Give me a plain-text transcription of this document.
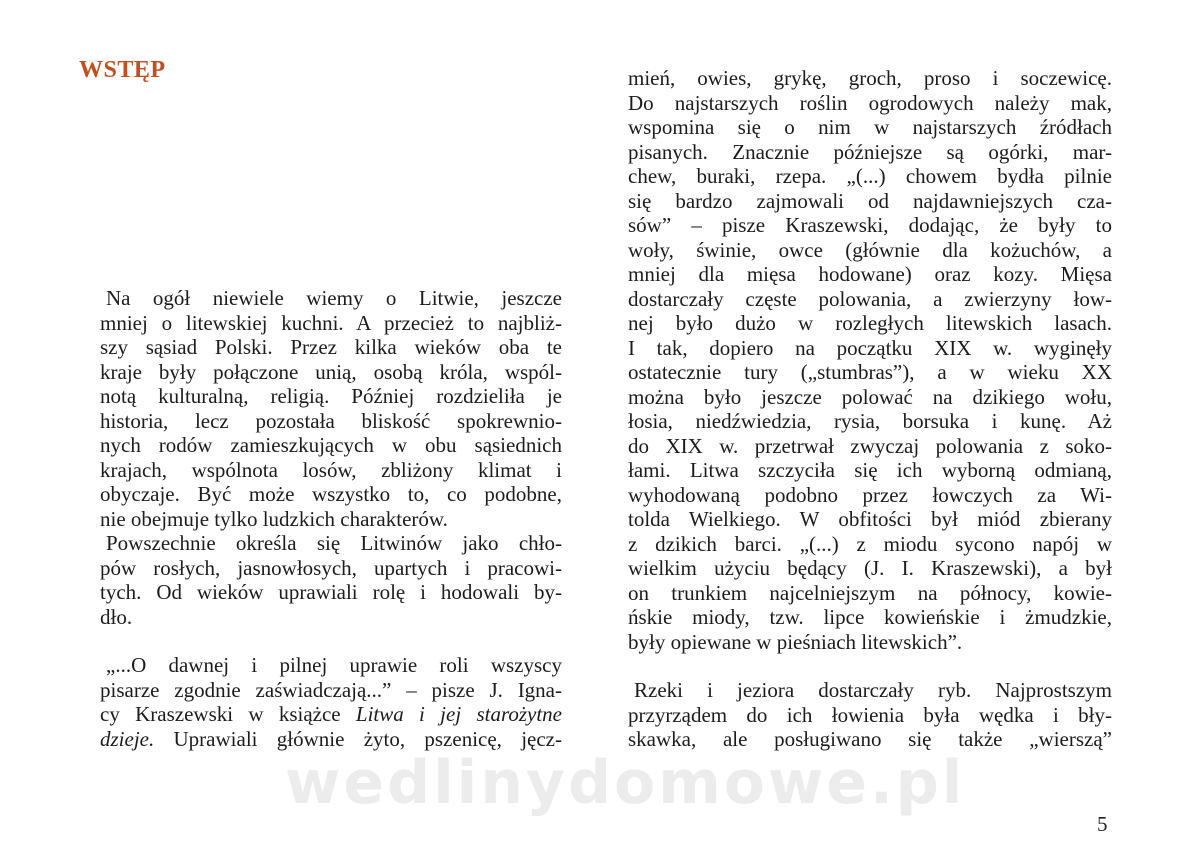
WSTĘP
Na ogół niewiele wiemy o Litwie, jeszcze
mniej o litewskiej kuchni. A przecież to najbliż-
szy sąsiad Polski. Przez kilka wieków oba te
kraje były połączone unią, osobą króla, wspól-
notą kulturalną, religią. Później rozdzieliła je
historia, lecz pozostała bliskość spokrewnio-
nych rodów zamieszkujących w obu sąsiednich
krajach, wspólnota losów, zbliżony klimat i
obyczaje. Być może wszystko to, co podobne,
nie obejmuje tylko ludzkich charakterów.
Powszechnie określa się Litwinów jako chło-
pów rosłych, jasnowłosych, upartych i pracowi-
tych. Od wieków uprawiali rolę i hodowali by-
dło.
„...O dawnej i pilnej uprawie roli wszyscy
pisarze zgodnie zaświadczają...” – pisze J. Igna-
cy Kraszewski w książce Litwa i jej starożytne
dzieje. Uprawiali głównie żyto, pszenicę, jęcz-
mień, owies, grykę, groch, proso i soczewicę.
Do najstarszych roślin ogrodowych należy mak,
wspomina się o nim w najstarszych źródłach
pisanych. Znacznie późniejsze są ogórki, mar-
chew, buraki, rzepa. „(...) chowem bydła pilnie
się bardzo zajmowali od najdawniejszych cza-
sów” – pisze Kraszewski, dodając, że były to
woły, świnie, owce (głównie dla kożuchów, a
mniej dla mięsa hodowane) oraz kozy. Mięsa
dostarczały częste polowania, a zwierzyny łow-
nej było dużo w rozległych litewskich lasach.
I tak, dopiero na początku XIX w. wyginęły
ostatecznie tury („stumbras”), a w wieku XX
można było jeszcze polować na dzikiego wołu,
łosia, niedźwiedzia, rysia, borsuka i kunę. Aż
do XIX w. przetrwał zwyczaj polowania z soko-
łami. Litwa szczyciła się ich wyborną odmianą,
wyhodowaną podobno przez łowczych za Wi-
tolda Wielkiego. W obfitości był miód zbierany
z dzikich barci. „(...) z miodu sycono napój w
wielkim użyciu będący (J. I. Kraszewski), a był
on trunkiem najcelniejszym na północy, kowie-
ńskie miody, tzw. lipce kowieńskie i żmudzkie,
były opiewane w pieśniach litewskich”.
Rzeki i jeziora dostarczały ryb. Najprostszym
przyrządem do ich łowienia była wędka i bły-
skawka, ale posługiwano się także „wierszą”
wedlinydomowe.pl
5
